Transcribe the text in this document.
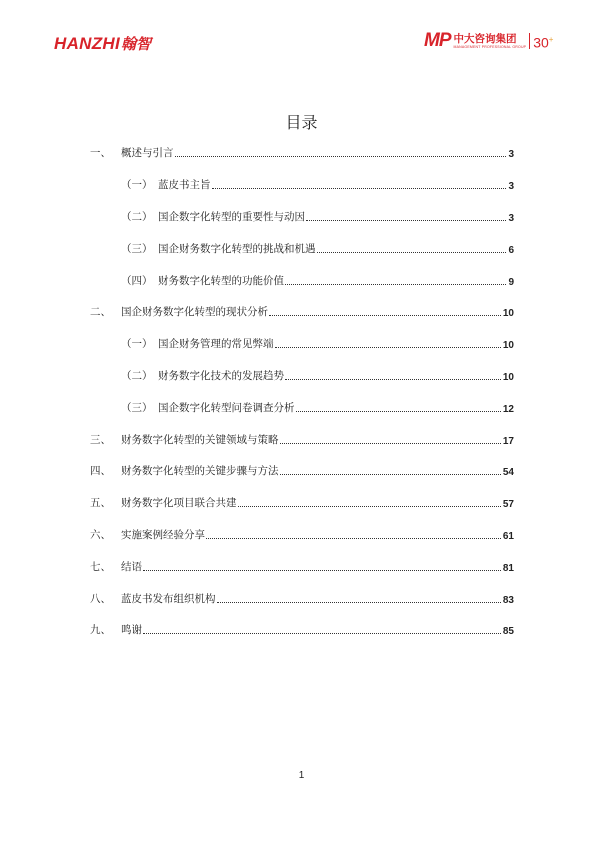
HANZHI 翰智	MP 中大咨询集团
MANAGEMENT PROFESSIONAL GROUP 30+
目录
一、 概述与引言	3
（一） 蓝皮书主旨	3
（二） 国企数字化转型的重要性与动因	3
（三） 国企财务数字化转型的挑战和机遇	6
（四） 财务数字化转型的功能价值	9
二、 国企财务数字化转型的现状分析	10
（一） 国企财务管理的常见弊端	10
（二） 财务数字化技术的发展趋势	10
（三） 国企数字化转型问卷调查分析	12
三、 财务数字化转型的关键领域与策略	17
四、 财务数字化转型的关键步骤与方法	54
五、 财务数字化项目联合共建	57
六、 实施案例经验分享	61
七、 结语	81
八、 蓝皮书发布组织机构	83
九、 鸣谢	85
1
